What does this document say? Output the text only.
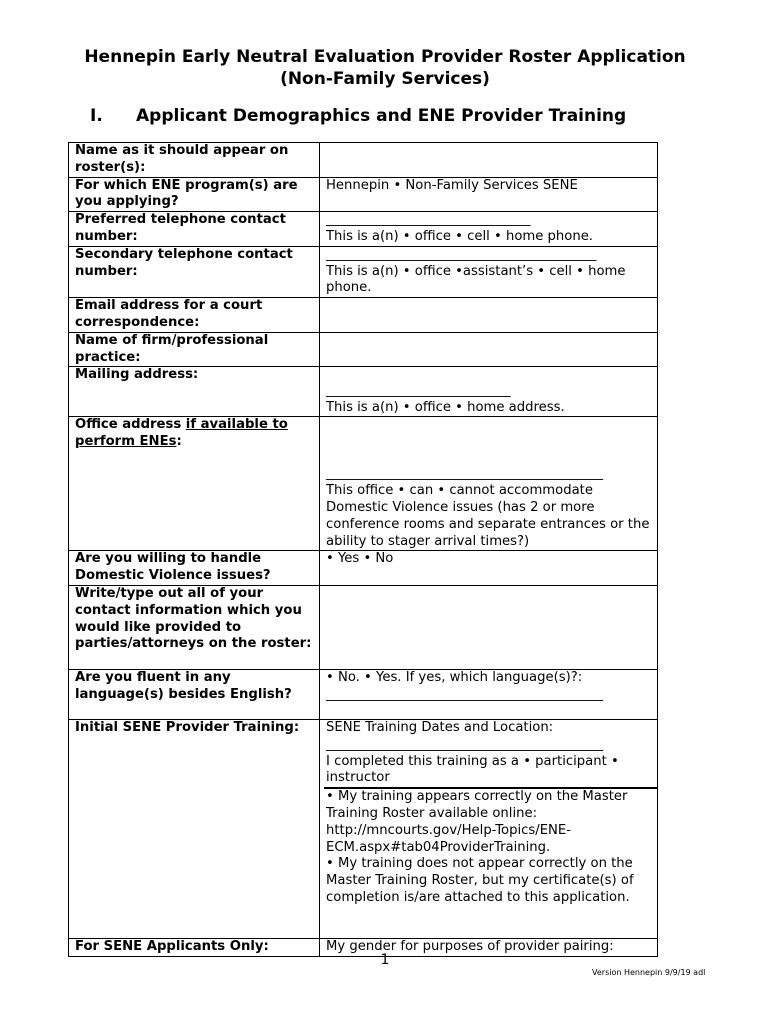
Hennepin Early Neutral Evaluation Provider Roster Application
(Non-Family Services)
I. Applicant Demographics and ENE Provider Training
Name as it should appear on roster(s):	
For which ENE program(s) are you applying?	Hennepin • Non-Family Services SENE
Preferred telephone contact number:	_______________________________
This is a(n) • office • cell • home phone.

Secondary telephone contact number:	_________________________________________
This is a(n) • office •assistant’s • cell • home phone.

Email address for a court correspondence:	
Name of firm/professional practice:	
Mailing address:	____________________________
This is a(n) • office • home address.

Office address if available to perform ENEs:	__________________________________________
This office • can • cannot accommodate Domestic Violence issues (has 2 or more conference rooms and separate entrances or the ability to stager arrival times?)

Are you willing to handle Domestic Violence issues?	• Yes • No
Write/type out all of your contact information which you would like provided to parties/attorneys on the roster:	
Are you fluent in any language(s) besides English?	• No. • Yes. If yes, which language(s)?:
__________________________________________

Initial SENE Provider Training:	SENE Training Dates and Location:
__________________________________________
I completed this training as a • participant • instructor
• My training appears correctly on the Master Training Roster available online: http://mncourts.gov/Help-Topics/ENE-ECM.aspx#tab04ProviderTraining.
• My training does not appear correctly on the Master Training Roster, but my certificate(s) of completion is/are attached to this application.

For SENE Applicants Only:	My gender for purposes of provider pairing:
1
Version Hennepin 9/9/19 adl
